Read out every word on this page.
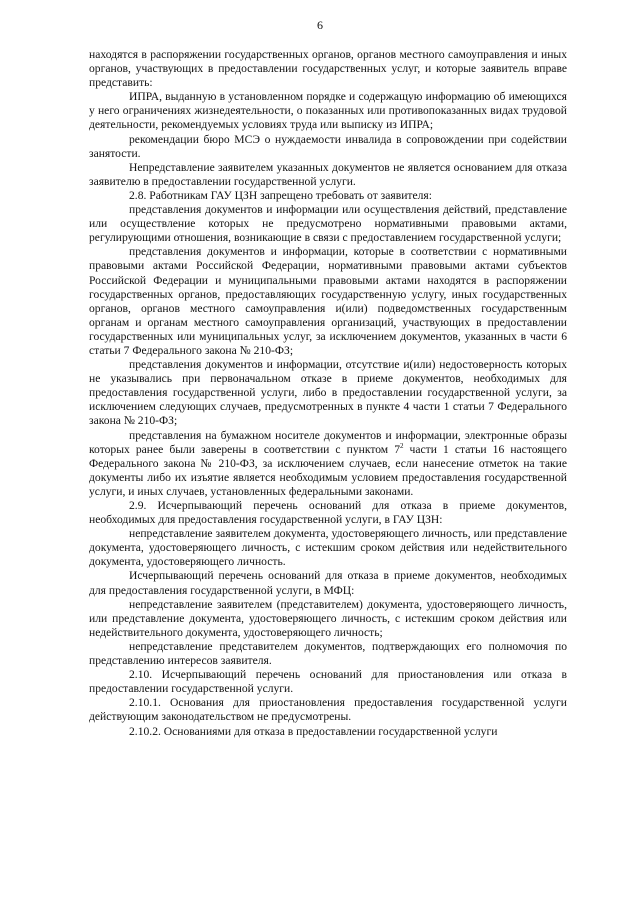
6

находятся в распоряжении государственных органов, органов местного самоуправления и иных органов, участвующих в предоставлении государственных услуг, и которые заявитель вправе представить:

ИПРА, выданную в установленном порядке и содержащую информацию об имеющихся у него ограничениях жизнедеятельности, о показанных или противопоказанных видах трудовой деятельности, рекомендуемых условиях труда или выписку из ИПРА;

рекомендации бюро МСЭ о нуждаемости инвалида в сопровождении при содействии занятости.

Непредставление заявителем указанных документов не является основанием для отказа заявителю в предоставлении государственной услуги.

2.8. Работникам ГАУ ЦЗН запрещено требовать от заявителя:

представления документов и информации или осуществления действий, представление или осуществление которых не предусмотрено нормативными правовыми актами, регулирующими отношения, возникающие в связи с предоставлением государственной услуги;

представления документов и информации, которые в соответствии с нормативными правовыми актами Российской Федерации, нормативными правовыми актами субъектов Российской Федерации и муниципальными правовыми актами находятся в распоряжении государственных органов, предоставляющих государственную услугу, иных государственных органов, органов местного самоуправления и(или) подведомственных государственным органам и органам местного самоуправления организаций, участвующих в предоставлении государственных или муниципальных услуг, за исключением документов, указанных в части 6 статьи 7 Федерального закона № 210-ФЗ;

представления документов и информации, отсутствие и(или) недостоверность которых не указывались при первоначальном отказе в приеме документов, необходимых для предоставления государственной услуги, либо в предоставлении государственной услуги, за исключением следующих случаев, предусмотренных в пункте 4 части 1 статьи 7 Федерального закона № 210-ФЗ;

представления на бумажном носителе документов и информации, электронные образы которых ранее были заверены в соответствии с пунктом $7^2$ части 1 статьи 16 настоящего Федерального закона № 210-ФЗ, за исключением случаев, если нанесение отметок на такие документы либо их изъятие является необходимым условием предоставления государственной услуги, и иных случаев, установленных федеральными законами.

2.9. Исчерпывающий перечень оснований для отказа в приеме документов, необходимых для предоставления государственной услуги, в ГАУ ЦЗН:

непредставление заявителем документа, удостоверяющего личность, или представление документа, удостоверяющего личность, с истекшим сроком действия или недействительного документа, удостоверяющего личность.

Исчерпывающий перечень оснований для отказа в приеме документов, необходимых для предоставления государственной услуги, в МФЦ:

непредставление заявителем (представителем) документа, удостоверяющего личность, или представление документа, удостоверяющего личность, с истекшим сроком действия или недействительного документа, удостоверяющего личность;

непредставление представителем документов, подтверждающих его полномочия по представлению интересов заявителя.

2.10. Исчерпывающий перечень оснований для приостановления или отказа в предоставлении государственной услуги.

2.10.1. Основания для приостановления предоставления государственной услуги действующим законодательством не предусмотрены.

2.10.2. Основаниями для отказа в предоставлении государственной услуги
